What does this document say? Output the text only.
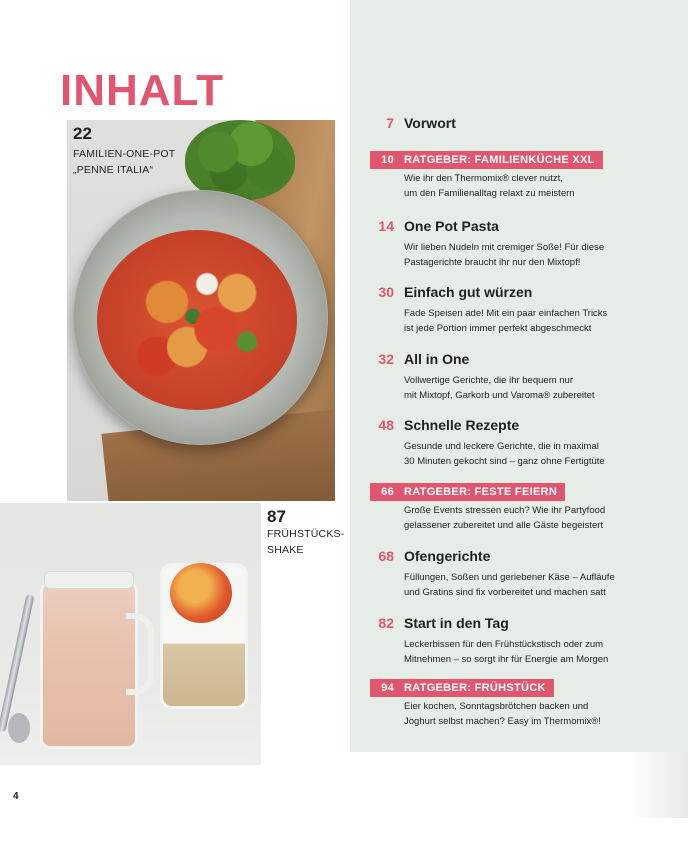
INHALT
22
FAMILIEN-ONE-POT
„PENNE ITALIA“
87
FRÜHSTÜCKS-
SHAKE
7 Vorwort
10 RATGEBER: FAMILIENKÜCHE XXL
Wie ihr den Thermomix® clever nutzt,
um den Familienalltag relaxt zu meistern
14 One Pot Pasta
Wir lieben Nudeln mit cremiger Soße! Für diese
Pastagerichte braucht ihr nur den Mixtopf!
30 Einfach gut würzen
Fade Speisen ade! Mit ein paar einfachen Tricks
ist jede Portion immer perfekt abgeschmeckt
32 All in One
Vollwertige Gerichte, die ihr bequem nur
mit Mixtopf, Garkorb und Varoma® zubereitet
48 Schnelle Rezepte
Gesunde und leckere Gerichte, die in maximal
30 Minuten gekocht sind – ganz ohne Fertigtüte
66 RATGEBER: FESTE FEIERN
Große Events stressen euch? Wie ihr Partyfood
gelassener zubereitet und alle Gäste begeistert
68 Ofengerichte
Füllungen, Soßen und geriebener Käse – Aufläufe
und Gratins sind fix vorbereitet und machen satt
82 Start in den Tag
Leckerbissen für den Frühstückstisch oder zum
Mitnehmen – so sorgt ihr für Energie am Morgen
94 RATGEBER: FRÜHSTÜCK
Eier kochen, Sonntagsbrötchen backen und
Joghurt selbst machen? Easy im Thermomix®!
4
